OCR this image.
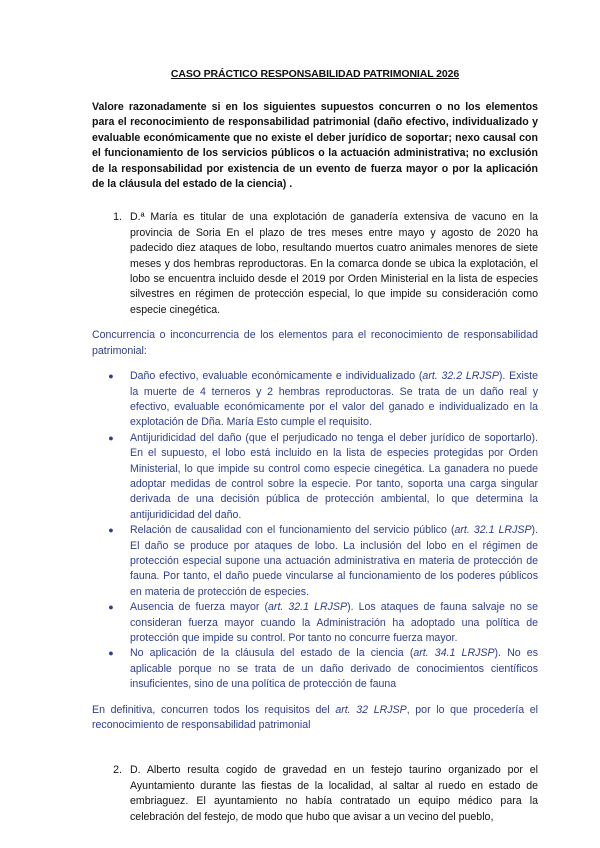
CASO PRÁCTICO RESPONSABILIDAD PATRIMONIAL 2026

Valore razonadamente si en los siguientes supuestos concurren o no los elementos para el reconocimiento de responsabilidad patrimonial (daño efectivo, individualizado y evaluable económicamente que no existe el deber jurídico de soportar; nexo causal con el funcionamiento de los servicios públicos o la actuación administrativa; no exclusión de la responsabilidad por existencia de un evento de fuerza mayor o por la aplicación de la cláusula del estado de la ciencia) .

1. D.ª María es titular de una explotación de ganadería extensiva de vacuno en la provincia de Soria En el plazo de tres meses entre mayo y agosto de 2020 ha padecido diez ataques de lobo, resultando muertos cuatro animales menores de siete meses y dos hembras reproductoras. En la comarca donde se ubica la explotación, el lobo se encuentra incluido desde el 2019 por Orden Ministerial en la lista de especies silvestres en régimen de protección especial, lo que impide su consideración como especie cinegética.

Concurrencia o inconcurrencia de los elementos para el reconocimiento de responsabilidad patrimonial:

●	Daño efectivo, evaluable económicamente e individualizado (art. 32.2 LRJSP). Existe la muerte de 4 terneros y 2 hembras reproductoras. Se trata de un daño real y efectivo, evaluable económicamente por el valor del ganado e individualizado en la explotación de Dña. María Esto cumple el requisito.
●	Antijuridicidad del daño (que el perjudicado no tenga el deber jurídico de soportarlo). En el supuesto, el lobo está incluido en la lista de especies protegidas por Orden Ministerial, lo que impide su control como especie cinegética. La ganadera no puede adoptar medidas de control sobre la especie. Por tanto, soporta una carga singular derivada de una decisión pública de protección ambiental, lo que determina la antijuridicidad del daño.
●	Relación de causalidad con el funcionamiento del servicio público (art. 32.1 LRJSP). El daño se produce por ataques de lobo. La inclusión del lobo en el régimen de protección especial supone una actuación administrativa en materia de protección de fauna. Por tanto, el daño puede vincularse al funcionamiento de los poderes públicos en materia de protección de especies.
●	Ausencia de fuerza mayor (art. 32.1 LRJSP). Los ataques de fauna salvaje no se consideran fuerza mayor cuando la Administración ha adoptado una política de protección que impide su control. Por tanto no concurre fuerza mayor.
●	No aplicación de la cláusula del estado de la ciencia (art. 34.1 LRJSP). No es aplicable porque no se trata de un daño derivado de conocimientos científicos insuficientes, sino de una política de protección de fauna

En definitiva, concurren todos los requisitos del art. 32 LRJSP, por lo que procedería el reconocimiento de responsabilidad patrimonial

2. D. Alberto resulta cogido de gravedad en un festejo taurino organizado por el Ayuntamiento durante las fiestas de la localidad, al saltar al ruedo en estado de embriaguez. El ayuntamiento no había contratado un equipo médico para la celebración del festejo, de modo que hubo que avisar a un vecino del pueblo,
